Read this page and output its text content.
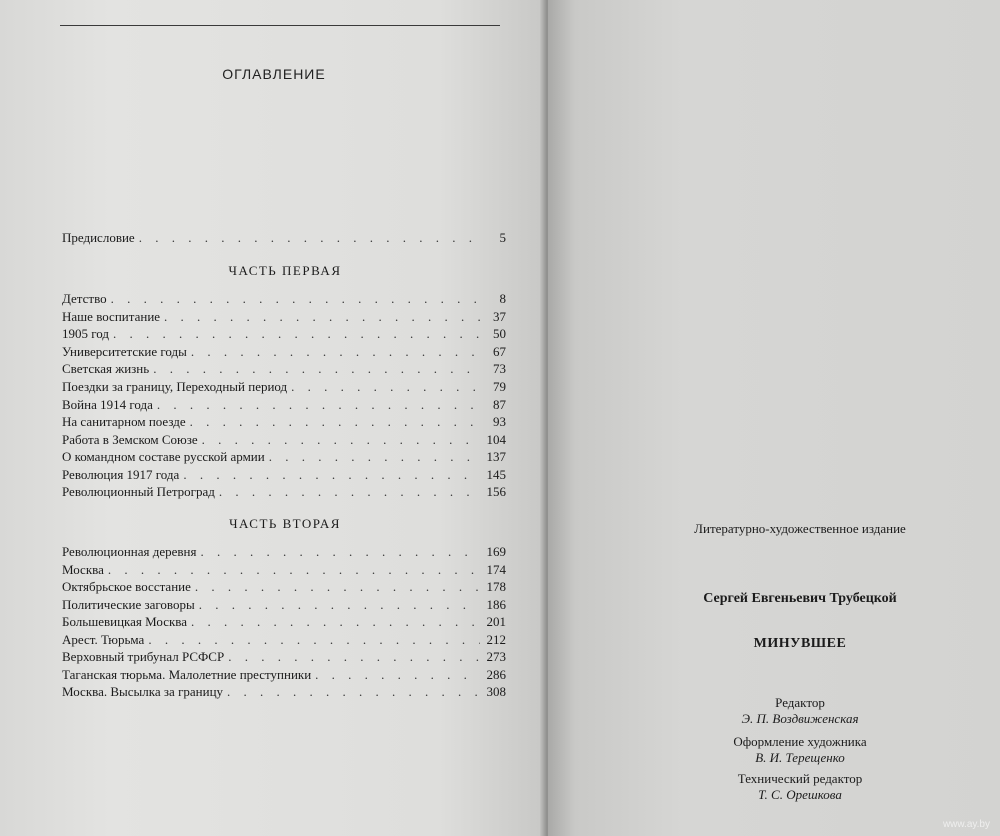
ОГЛАВЛЕНИЕ
Предисловие . . .	5
ЧАСТЬ ПЕРВАЯ
Детство . . .	8
Наше воспитание . . .	37
1905 год . . .	50
Университетские годы . . .	67
Светская жизнь . . .	73
Поездки за границу, Переходный период . . .	79
Война 1914 года . . .	87
На санитарном поезде . . .	93
Работа в Земском Союзе . . .	104
О командном составе русской армии . . .	137
Революция 1917 года . . .	145
Революционный Петроград . . .	156
ЧАСТЬ ВТОРАЯ
Революционная деревня . . .	169
Москва . . .	174
Октябрьское восстание . . .	178
Политические заговоры . . .	186
Большевицкая Москва . . .	201
Арест. Тюрьма . . .	212
Верховный трибунал РСФСР . . .	273
Таганская тюрьма. Малолетние преступники . . .	286
Москва. Высылка за границу . . .	308
Литературно-художественное издание
Сергей Евгеньевич Трубецкой
МИНУВШЕЕ
Редактор
Э. П. Воздвиженская
Оформление художника
В. И. Терещенко
Технический редактор
Т. С. Орешкова
www.ay.by
